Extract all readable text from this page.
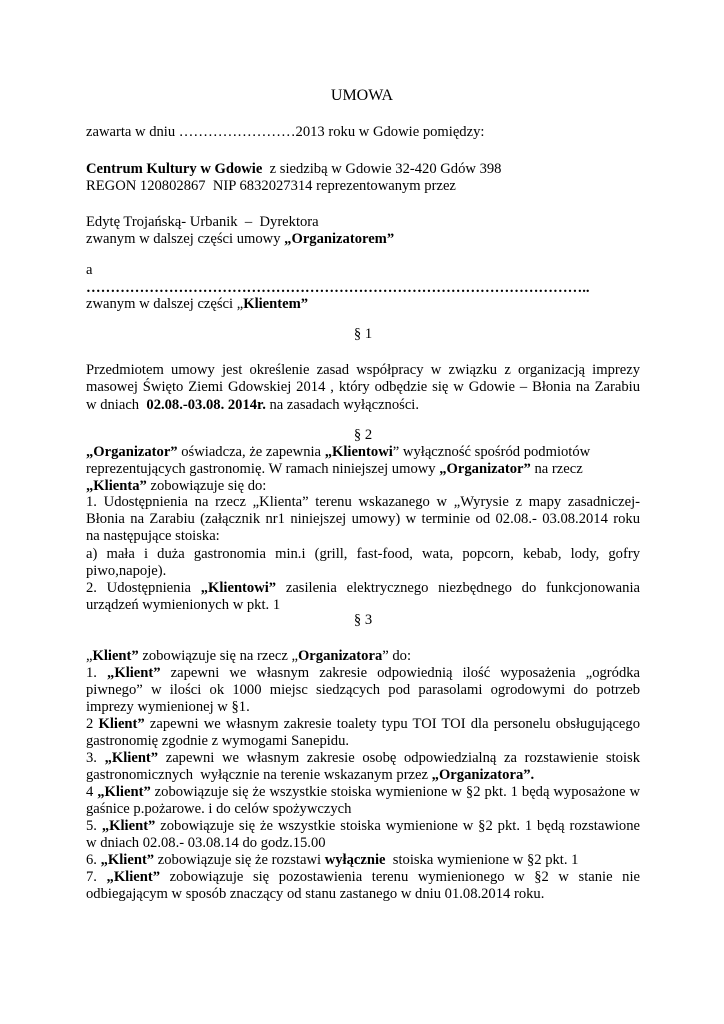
UMOWA
zawarta w dniu ……………………2013 roku w Gdowie pomiędzy:
Centrum Kultury w Gdowie  z siedzibą w Gdowie 32-420 Gdów 398
REGON 120802867  NIP 6832027314 reprezentowanym przez
Edytę Trojańską- Urbanik  –  Dyrektora
zwanym w dalszej części umowy „Organizatorem”
a
…………………………………………………………………………………………..
zwanym w dalszej części „Klientem”
§ 1
Przedmiotem umowy jest określenie zasad współpracy w związku z organizacją imprezy
masowej Święto Ziemi Gdowskiej 2014 , który odbędzie się w Gdowie – Błonia na Zarabiu
w dniach  02.08.-03.08. 2014r. na zasadach wyłączności.
§ 2
„Organizator” oświadcza, że zapewnia „Klientowi” wyłączność spośród podmiotów
reprezentujących gastronomię. W ramach niniejszej umowy „Organizator” na rzecz
„Klienta” zobowiązuje się do:
1. Udostępnienia na rzecz „Klienta” terenu wskazanego w „Wyrysie z mapy zasadniczej-
Błonia na Zarabiu (załącznik nr1 niniejszej umowy) w terminie od 02.08.- 03.08.2014 roku
na następujące stoiska:
a) mała i duża gastronomia min.i (grill, fast-food, wata, popcorn, kebab, lody, gofry
piwo,napoje).
2. Udostępnienia „Klientowi” zasilenia elektrycznego niezbędnego do funkcjonowania
urządzeń wymienionych w pkt. 1
§ 3
„Klient” zobowiązuje się na rzecz „Organizatora” do:
1. „Klient” zapewni we własnym zakresie odpowiednią ilość wyposażenia „ogródka
piwnego” w ilości ok 1000 miejsc siedzących pod parasolami ogrodowymi do potrzeb
imprezy wymienionej w §1.
2 Klient” zapewni we własnym zakresie toalety typu TOI TOI dla personelu obsługującego
gastronomię zgodnie z wymogami Sanepidu.
3. „Klient” zapewni we własnym zakresie osobę odpowiedzialną za rozstawienie stoisk
gastronomicznych  wyłącznie na terenie wskazanym przez „Organizatora”.
4 „Klient” zobowiązuje się że wszystkie stoiska wymienione w §2 pkt. 1 będą wyposażone w
gaśnice p.pożarowe. i do celów spożywczych
5. „Klient” zobowiązuje się że wszystkie stoiska wymienione w §2 pkt. 1 będą rozstawione
w dniach 02.08.- 03.08.14 do godz.15.00
6. „Klient” zobowiązuje się że rozstawi wyłącznie  stoiska wymienione w §2 pkt. 1
7. „Klient” zobowiązuje się pozostawienia terenu wymienionego w §2 w stanie nie
odbiegającym w sposób znaczący od stanu zastanego w dniu 01.08.2014 roku.
